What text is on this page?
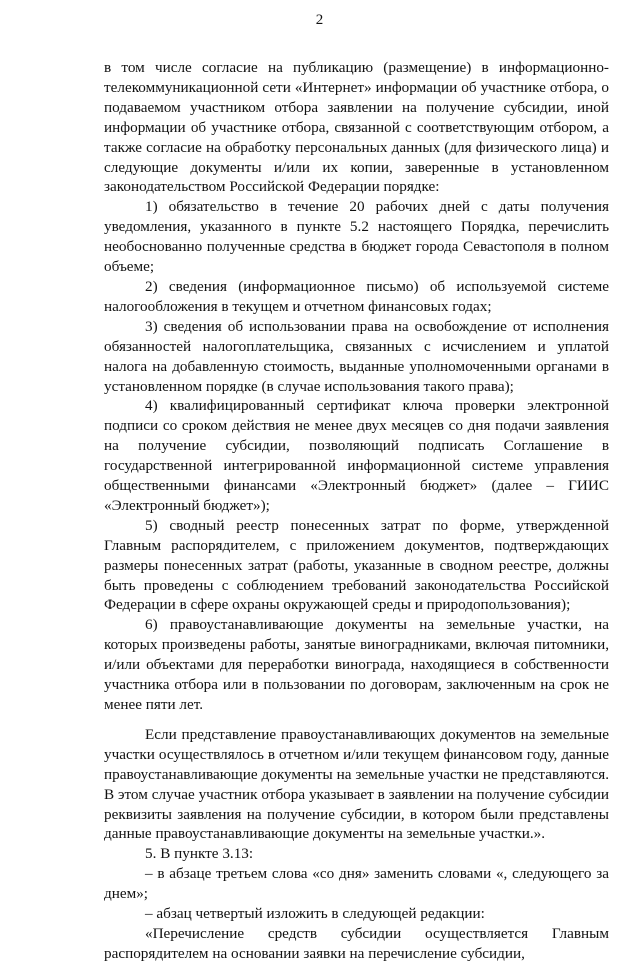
2

в том числе согласие на публикацию (размещение) в информационно-телекоммуникационной сети «Интернет» информации об участнике отбора, о подаваемом участником отбора заявлении на получение субсидии, иной информации об участнике отбора, связанной с соответствующим отбором, а также согласие на обработку персональных данных (для физического лица) и следующие документы и/или их копии, заверенные в установленном законодательством Российской Федерации порядке:

1) обязательство в течение 20 рабочих дней с даты получения уведомления, указанного в пункте 5.2 настоящего Порядка, перечислить необоснованно полученные средства в бюджет города Севастополя в полном объеме;

2) сведения (информационное письмо) об используемой системе налогообложения в текущем и отчетном финансовых годах;

3) сведения об использовании права на освобождение от исполнения обязанностей налогоплательщика, связанных с исчислением и уплатой налога на добавленную стоимость, выданные уполномоченными органами в установленном порядке (в случае использования такого права);

4) квалифицированный сертификат ключа проверки электронной подписи со сроком действия не менее двух месяцев со дня подачи заявления на получение субсидии, позволяющий подписать Соглашение в государственной интегрированной информационной системе управления общественными финансами «Электронный бюджет» (далее – ГИИС «Электронный бюджет»);

5) сводный реестр понесенных затрат по форме, утвержденной Главным распорядителем, с приложением документов, подтверждающих размеры понесенных затрат (работы, указанные в сводном реестре, должны быть проведены с соблюдением требований законодательства Российской Федерации в сфере охраны окружающей среды и природопользования);

6) правоустанавливающие документы на земельные участки, на которых произведены работы, занятые виноградниками, включая питомники, и/или объектами для переработки винограда, находящиеся в собственности участника отбора или в пользовании по договорам, заключенным на срок не менее пяти лет.

Если представление правоустанавливающих документов на земельные участки осуществлялось в отчетном и/или текущем финансовом году, данные правоустанавливающие документы на земельные участки не представляются. В этом случае участник отбора указывает в заявлении на получение субсидии реквизиты заявления на получение субсидии, в котором были представлены данные правоустанавливающие документы на земельные участки.».

5. В пункте 3.13:

– в абзаце третьем слова «со дня» заменить словами «, следующего за днем»;

– абзац четвертый изложить в следующей редакции:

«Перечисление средств субсидии осуществляется Главным распорядителем на основании заявки на перечисление субсидии,
